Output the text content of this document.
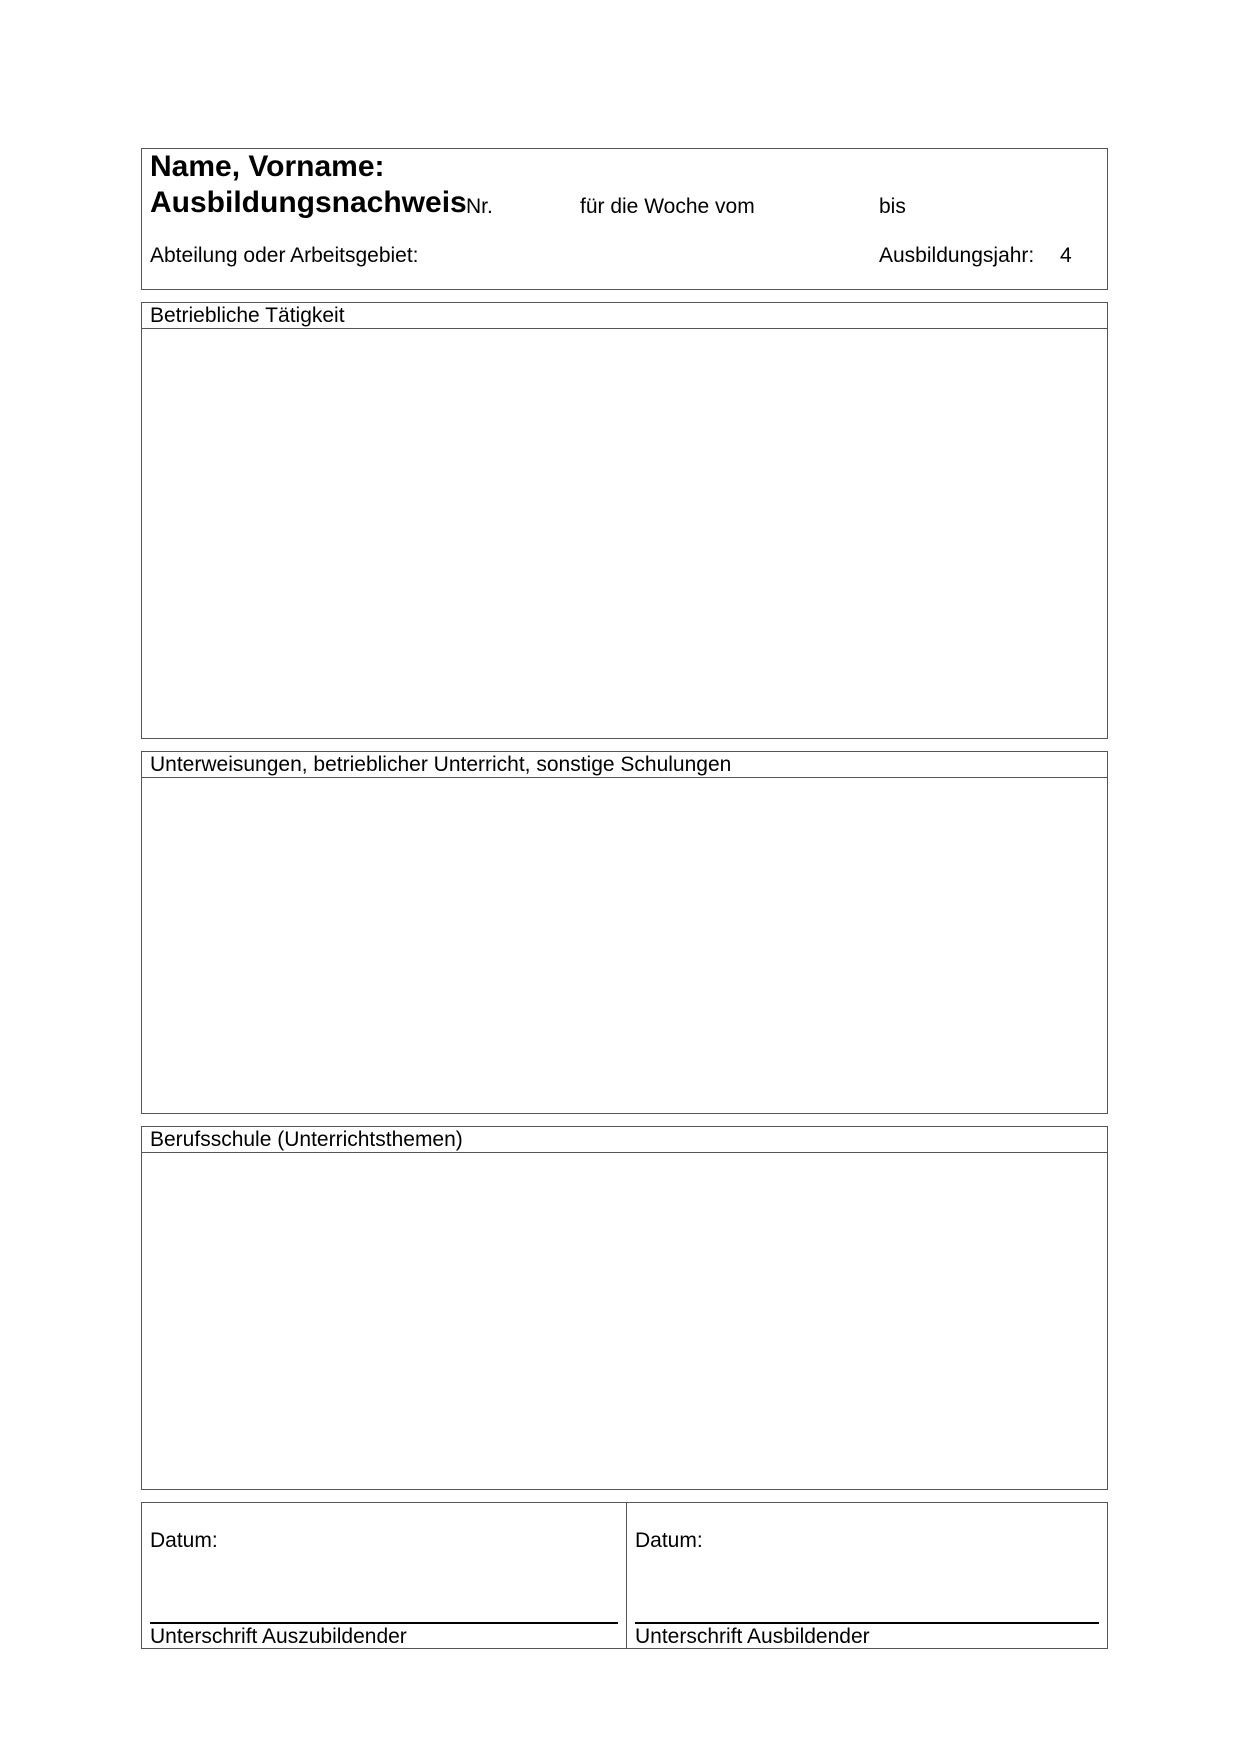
Name, Vorname:
Ausbildungsnachweis Nr.	für die Woche vom	bis
Abteilung oder Arbeitsgebiet:	Ausbildungsjahr: 4
Betriebliche Tätigkeit
Unterweisungen, betrieblicher Unterricht, sonstige Schulungen
Berufsschule (Unterrichtsthemen)
Datum:
Unterschrift Auszubildender
Datum:
Unterschrift Ausbildender
